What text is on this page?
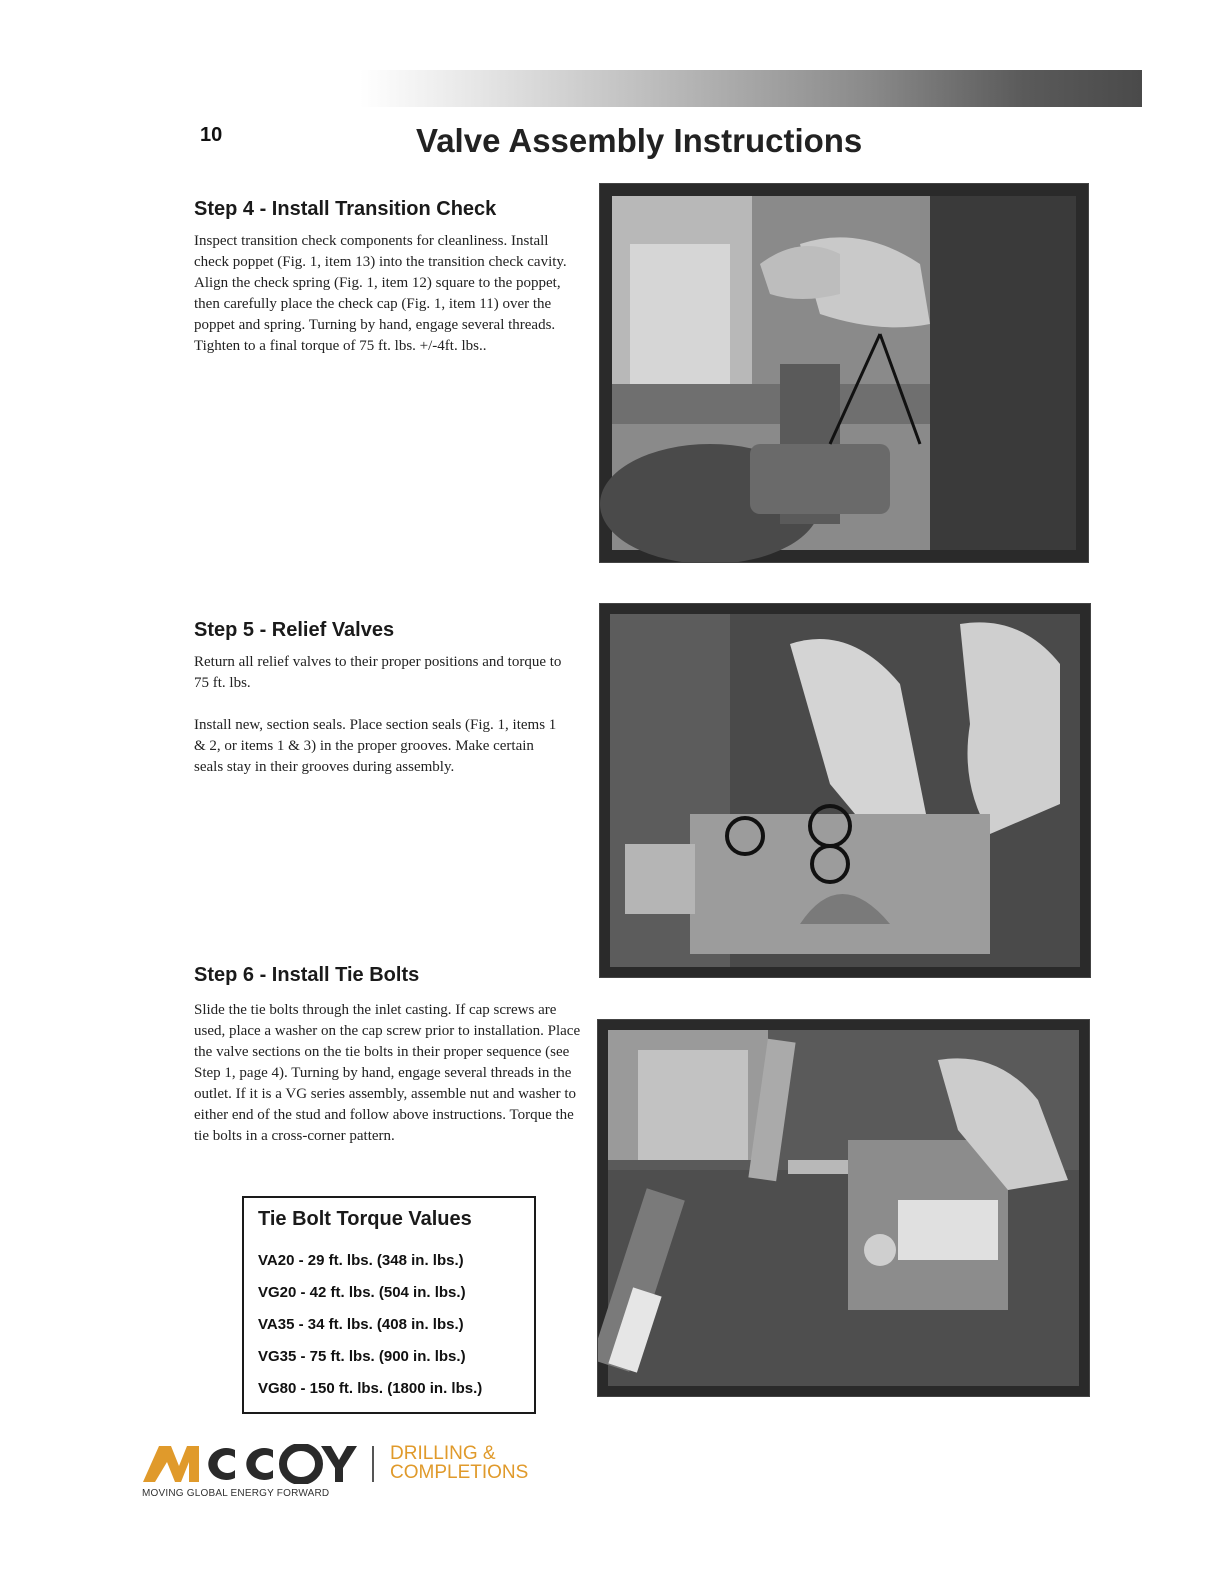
10	Valve Assembly Instructions
Step 4 - Install Transition Check

Inspect transition check components for cleanliness. Install check poppet (Fig. 1, item 13) into the transition check cavity. Align the check spring (Fig. 1, item 12) square to the poppet, then carefully place the check cap (Fig. 1, item 11) over the poppet and spring. Turning by hand, engage several threads. Tighten to a final torque of 75 ft. lbs. +/-4ft. lbs..

Step 5 - Relief Valves

Return all relief valves to their proper positions and torque to 75 ft. lbs.

Install new, section seals. Place section seals (Fig. 1, items 1 & 2, or items 1 & 3) in the proper grooves. Make certain seals stay in their grooves during assembly.

Step 6 - Install Tie Bolts

Slide the tie bolts through the inlet casting. If cap screws are used, place a washer on the cap screw prior to installation. Place the valve sections on the tie bolts in their proper sequence (see Step 1, page 4). Turning by hand, engage several threads in the outlet. If it is a VG series assembly, assemble nut and washer to either end of the stud and follow above instructions. Torque the tie bolts in a cross-corner pattern.

Tie Bolt Torque Values
VA20 - 29 ft. lbs. (348 in. lbs.)
VG20 - 42 ft. lbs. (504 in. lbs.)
VA35 - 34 ft. lbs. (408 in. lbs.)
VG35 - 75 ft. lbs. (900 in. lbs.)
VG80 - 150 ft. lbs. (1800 in. lbs.)
MOVING GLOBAL ENERGY FORWARD
DRILLING &
COMPLETIONS
